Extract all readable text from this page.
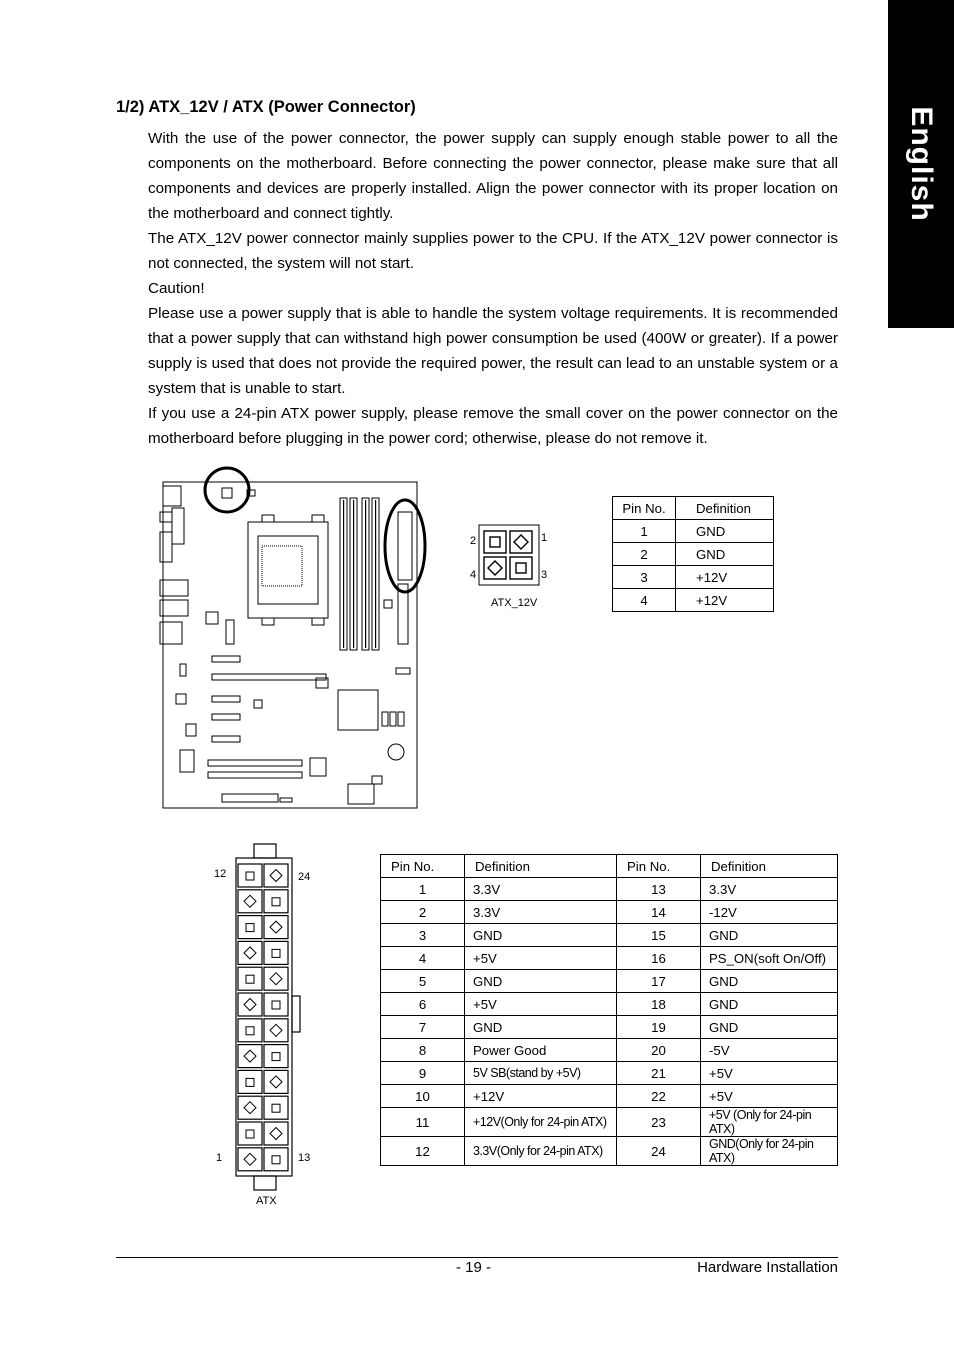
English
1/2) ATX_12V / ATX (Power Connector)

With the use of the power connector, the power supply can supply enough stable power to all the components on the motherboard. Before connecting the power connector, please make sure that all components and devices are properly installed. Align the power connector with its proper location on the motherboard and connect tightly.

The ATX_12V power connector mainly supplies power to the CPU. If the ATX_12V power connector is not connected, the system will not start.

Caution!

Please use a power supply that is able to handle the system voltage requirements. It is recommended that a power supply that can withstand high power consumption be used (400W or greater). If a power supply is used that does not provide the required power, the result can lead to an unstable system or a system that is unable to start.

If you use a 24-pin ATX power supply, please remove the small cover on the power connector on the motherboard before plugging in the power cord; otherwise, please do not remove it.

2	1
4	3
ATX_12V
Pin No.	Definition
1	GND
2	GND
3	+12V
4	+12V
12	24
1	13
ATX
Pin No.	Definition	Pin No.	Definition
1	3.3V	13	3.3V
2	3.3V	14	-12V
3	GND	15	GND
4	+5V	16	PS_ON(soft On/Off)
5	GND	17	GND
6	+5V	18	GND
7	GND	19	GND
8	Power Good	20	-5V
9	5V SB(stand by +5V)	21	+5V
10	+12V	22	+5V
11	+12V(Only for 24-pin ATX)	23	+5V (Only for 24-pin ATX)
12	3.3V(Only for 24-pin ATX)	24	GND(Only for 24-pin ATX)
- 19 -	Hardware Installation
